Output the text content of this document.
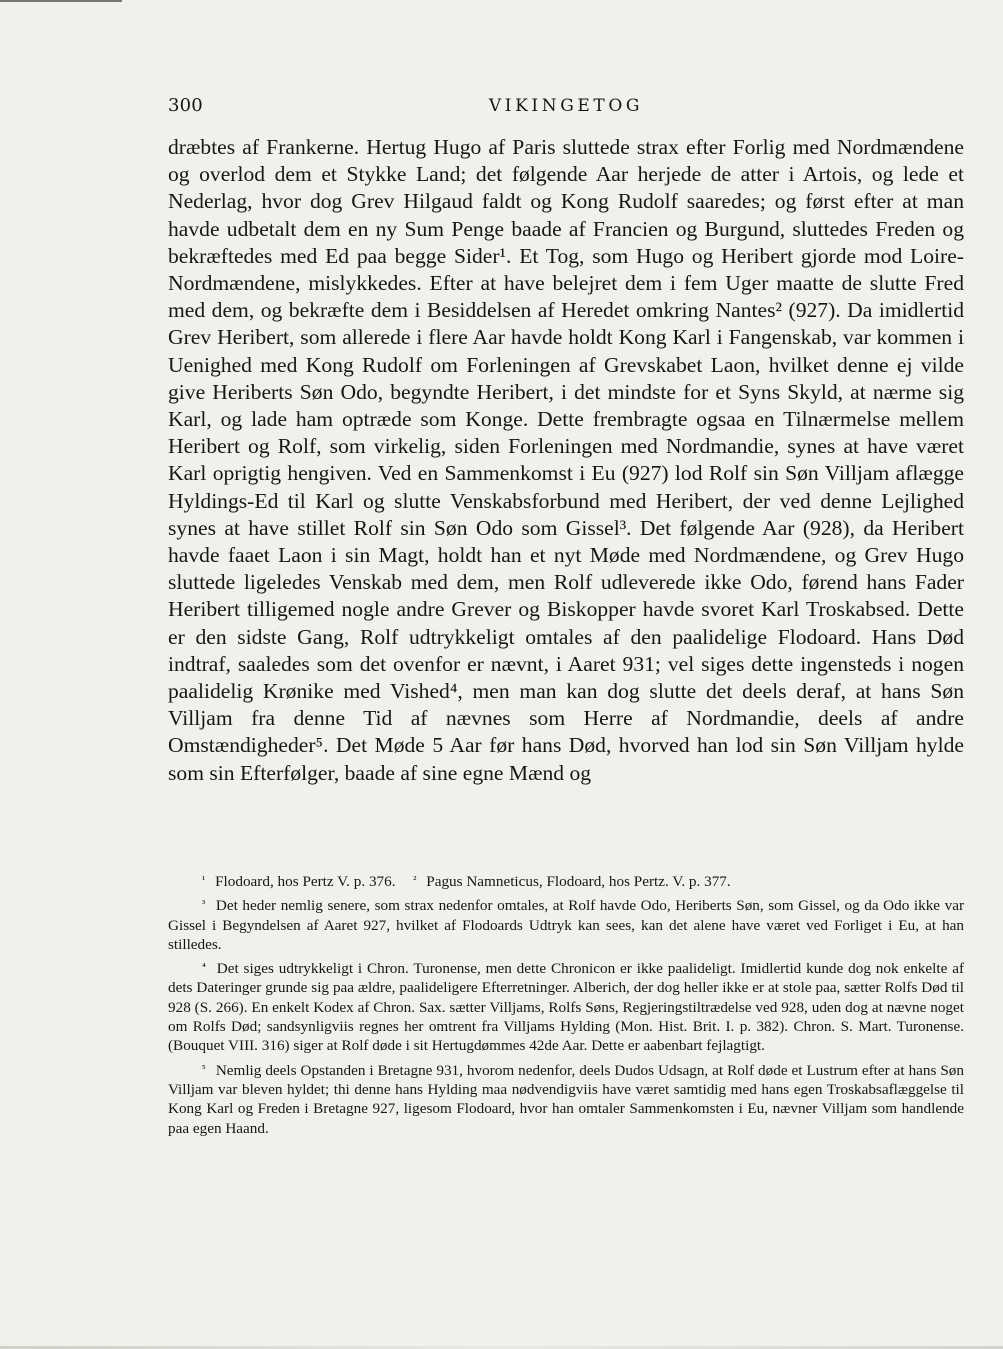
300	VIKINGETOG

dræbtes af Frankerne. Hertug Hugo af Paris sluttede strax efter Forlig med Nordmændene og overlod dem et Stykke Land; det følgende Aar herjede de atter i Artois, og lede et Nederlag, hvor dog Grev Hilgaud faldt og Kong Rudolf saaredes; og først efter at man havde udbetalt dem en ny Sum Penge baade af Francien og Burgund, sluttedes Freden og bekræftedes med Ed paa begge Sider¹. Et Tog, som Hugo og Heribert gjorde mod Loire-Nordmændene, mislykkedes. Efter at have belejret dem i fem Uger maatte de slutte Fred med dem, og bekræfte dem i Besiddelsen af Heredet omkring Nantes² (927). Da imidlertid Grev Heribert, som allerede i flere Aar havde holdt Kong Karl i Fangenskab, var kommen i Uenighed med Kong Rudolf om Forleningen af Grevskabet Laon, hvilket denne ej vilde give Heriberts Søn Odo, begyndte Heribert, i det mindste for et Syns Skyld, at nærme sig Karl, og lade ham optræde som Konge. Dette frembragte ogsaa en Tilnærmelse mellem Heribert og Rolf, som virkelig, siden Forleningen med Nordmandie, synes at have været Karl oprigtig hengiven. Ved en Sammenkomst i Eu (927) lod Rolf sin Søn Villjam aflægge Hyldings-Ed til Karl og slutte Venskabsforbund med Heribert, der ved denne Lejlighed synes at have stillet Rolf sin Søn Odo som Gissel³. Det følgende Aar (928), da Heribert havde faaet Laon i sin Magt, holdt han et nyt Møde med Nordmændene, og Grev Hugo sluttede ligeledes Venskab med dem, men Rolf udleverede ikke Odo, førend hans Fader Heribert tilligemed nogle andre Grever og Biskopper havde svoret Karl Troskabsed. Dette er den sidste Gang, Rolf udtrykkeligt omtales af den paalidelige Flodoard. Hans Død indtraf, saaledes som det ovenfor er nævnt, i Aaret 931; vel siges dette ingensteds i nogen paalidelig Krønike med Vished⁴, men man kan dog slutte det deels deraf, at hans Søn Villjam fra denne Tid af nævnes som Herre af Nordmandie, deels af andre Omstændigheder⁵. Det Møde 5 Aar før hans Død, hvorved han lod sin Søn Villjam hylde som sin Efterfølger, baade af sine egne Mænd og

¹ Flodoard, hos Pertz V. p. 376. ² Pagus Namneticus, Flodoard, hos Pertz. V. p. 377.

³ Det heder nemlig senere, som strax nedenfor omtales, at Rolf havde Odo, Heriberts Søn, som Gissel, og da Odo ikke var Gissel i Begyndelsen af Aaret 927, hvilket af Flodoards Udtryk kan sees, kan det alene have været ved Forliget i Eu, at han stilledes.

⁴ Det siges udtrykkeligt i Chron. Turonense, men dette Chronicon er ikke paalideligt. Imidlertid kunde dog nok enkelte af dets Dateringer grunde sig paa ældre, paalideligere Efterretninger. Alberich, der dog heller ikke er at stole paa, sætter Rolfs Død til 928 (S. 266). En enkelt Kodex af Chron. Sax. sætter Villjams, Rolfs Søns, Regjeringstiltrædelse ved 928, uden dog at nævne noget om Rolfs Død; sandsynligviis regnes her omtrent fra Villjams Hylding (Mon. Hist. Brit. I. p. 382). Chron. S. Mart. Turonense. (Bouquet VIII. 316) siger at Rolf døde i sit Hertugdømmes 42de Aar. Dette er aabenbart fejlagtigt.

⁵ Nemlig deels Opstanden i Bretagne 931, hvorom nedenfor, deels Dudos Udsagn, at Rolf døde et Lustrum efter at hans Søn Villjam var bleven hyldet; thi denne hans Hylding maa nødvendigviis have været samtidig med hans egen Troskabsaflæggelse til Kong Karl og Freden i Bretagne 927, ligesom Flodoard, hvor han omtaler Sammenkomsten i Eu, nævner Villjam som handlende paa egen Haand.
